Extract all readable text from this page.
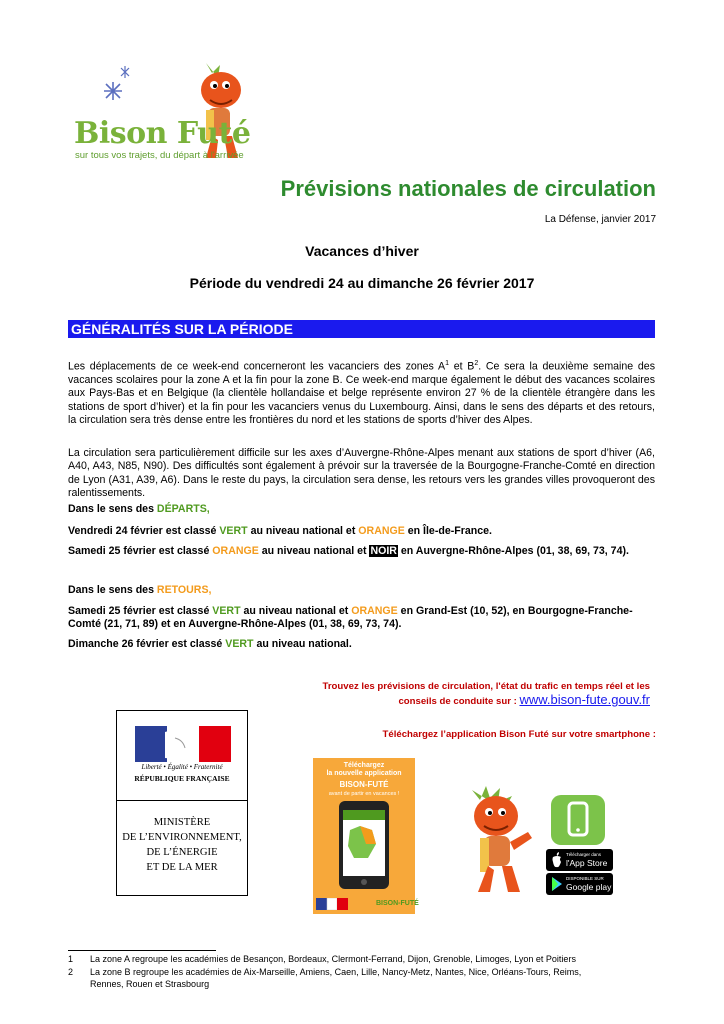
Bison Futé
sur tous vos trajets, du départ à l'arrivée
Prévisions nationales de circulation
La Défense, janvier 2017
Vacances d’hiver
Période du vendredi 24 au dimanche 26 février 2017
GÉNÉRALITÉS SUR LA PÉRIODE
Les déplacements de ce week-end concerneront les vacanciers des zones $A^1$ et $B^2$. Ce sera la deuxième semaine des vacances scolaires pour la zone A et la fin pour la zone B. Ce week-end marque également le début des vacances scolaires aux Pays-Bas et en Belgique (la clientèle hollandaise et belge représente environ 27 % de la clientèle étrangère dans les stations de sport d’hiver) et la fin pour les vacanciers venus du Luxembourg. Ainsi, dans le sens des départs et des retours, la circulation sera très dense entre les frontières du nord et les stations de sports d’hiver des Alpes.
La circulation sera particulièrement difficile sur les axes d’Auvergne-Rhône-Alpes menant aux stations de sport d’hiver (A6, A40, A43, N85, N90). Des difficultés sont également à prévoir sur la traversée de la Bourgogne-Franche-Comté en direction de Lyon (A31, A39, A6). Dans le reste du pays, la circulation sera dense, les retours vers les grandes villes provoqueront des ralentissements.
Dans le sens des DÉPARTS,
Vendredi 24 février est classé VERT au niveau national et ORANGE en Île-de-France.
Samedi 25 février est classé ORANGE au niveau national et NOIR en Auvergne-Rhône-Alpes (01, 38, 69, 73, 74).
Dans le sens des RETOURS,
Samedi 25 février est classé VERT au niveau national et ORANGE en Grand-Est (10, 52), en Bourgogne-Franche-
Comté (21, 71, 89) et en Auvergne-Rhône-Alpes (01, 38, 69, 73, 74).
Dimanche 26 février est classé VERT au niveau national.
Trouvez les prévisions de circulation, l'état du trafic en temps réel et les
conseils de conduite sur : www.bison-fute.gouv.fr
Téléchargez l’application Bison Futé sur votre smartphone :
Liberté • Égalité • Fraternité
RÉPUBLIQUE FRANÇAISE
MINISTÈRE
DE L’ENVIRONNEMENT,
DE L’ÉNERGIE
ET DE LA MER
Téléchargez
la nouvelle application
BISON-FUTÉ
avant de partir en vacances !
BISON-FUTÉ
Télécharger dans
l'App Store
DISPONIBLE SUR
Google play
1 La zone A regroupe les académies de Besançon, Bordeaux, Clermont-Ferrand, Dijon, Grenoble, Limoges, Lyon et Poitiers
2 La zone B regroupe les académies de Aix-Marseille, Amiens, Caen, Lille, Nancy-Metz, Nantes, Nice, Orléans-Tours, Reims,
Rennes, Rouen et Strasbourg
